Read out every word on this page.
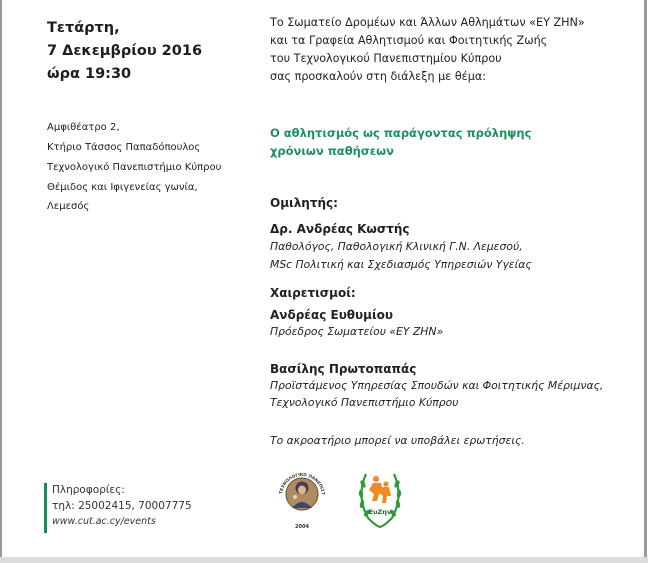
Τετάρτη,
7 Δεκεμβρίου 2016
ώρα 19:30
Αμφιθέατρο 2,
Κτήριο Τάσσος Παπαδόπουλος
Τεχνολογικό Πανεπιστήμιο Κύπρου
Θέμιδος και Ιφιγενείας γωνία,
Λεμεσός
Πληροφορίες:
τηλ: 25002415, 70007775
www.cut.ac.cy/events
Το Σωματείο Δρομέων και Άλλων Αθλημάτων «ΕΥ ΖΗΝ»
και τα Γραφεία Αθλητισμού και Φοιτητικής Ζωής
του Τεχνολογικού Πανεπιστημίου Κύπρου
σας προσκαλούν στη διάλεξη με θέμα:
Ο αθλητισμός ως παράγοντας πρόληψης
χρόνιων παθήσεων
Ομιλητής:
Δρ. Ανδρέας Κωστής
Παθολόγος, Παθολογική Κλινική Γ.Ν. Λεμεσού,
MSc Πολιτική και Σχεδιασμός Υπηρεσιών Υγείας
Χαιρετισμοί:
Ανδρέας Ευθυμίου
Πρόεδρος Σωματείου «ΕΥ ΖΗΝ»
Βασίλης Πρωτοπαπάς
Προϊστάμενος Υπηρεσίας Σπουδών και Φοιτητικής Μέριμνας,
Τεχνολογικό Πανεπιστήμιο Κύπρου
Το ακροατήριο μπορεί να υποβάλει ερωτήσεις.
ΤΕΧΝΟΛΟΓΙΚΟ ΠΑΝΕΠΙΣΤ
2004
ΕυΖην
